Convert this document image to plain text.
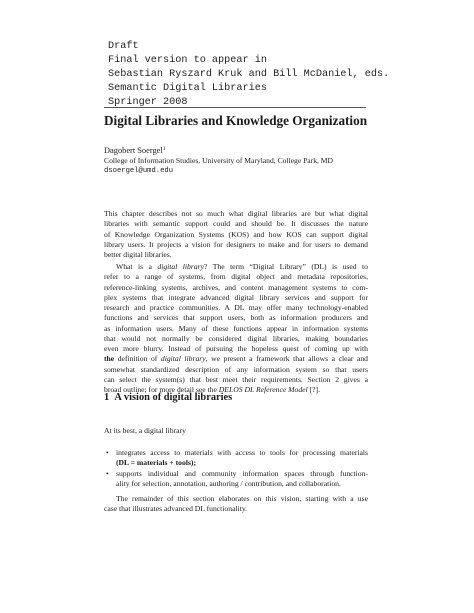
Draft
Final version to appear in
Sebastian Ryszard Kruk and Bill McDaniel, eds.
Semantic Digital Libraries
Springer 2008
Digital Libraries and Knowledge Organization
Dagobert Soergel$^1$
College of Information Studies, University of Maryland, College Park, MD
dsoergel@umd.edu
This chapter describes not so much what digital libraries are but what digital
libraries with semantic support could and should be. It discusses the nature
of Knowledge Organization Systems (KOS) and how KOS can support digital
library users. It projects a vision for designers to make and for users to demand
better digital libraries.
What is a digital library? The term “Digital Library” (DL) is used to
refer to a range of systems, from digital object and metadata repositories,
reference-linking systems, archives, and content management systems to com-
plex systems that integrate advanced digital library services and support for
research and practice communities. A DL may offer many technology-enabled
functions and services that support users, both as information producers and
as information users. Many of these functions appear in information systems
that would not normally be considered digital libraries, making boundaries
even more blurry. Instead of pursuing the hopeless quest of coming up with
the definition of digital library, we present a framework that allows a clear and
somewhat standardized description of any information system so that users
can select the system(s) that best meet their requirements. Section 2 gives a
broad outline; for more detail see the DELOS DL Reference Model [?].
1 A vision of digital libraries
At its best, a digital library
• integrates access to materials with access to tools for processing materials
(DL = materials + tools);
• supports individual and community information spaces through function-
ality for selection, annotation, authoring / contribution, and collaboration.
The remainder of this section elaborates on this vision, starting with a use
case that illustrates advanced DL functionality.
